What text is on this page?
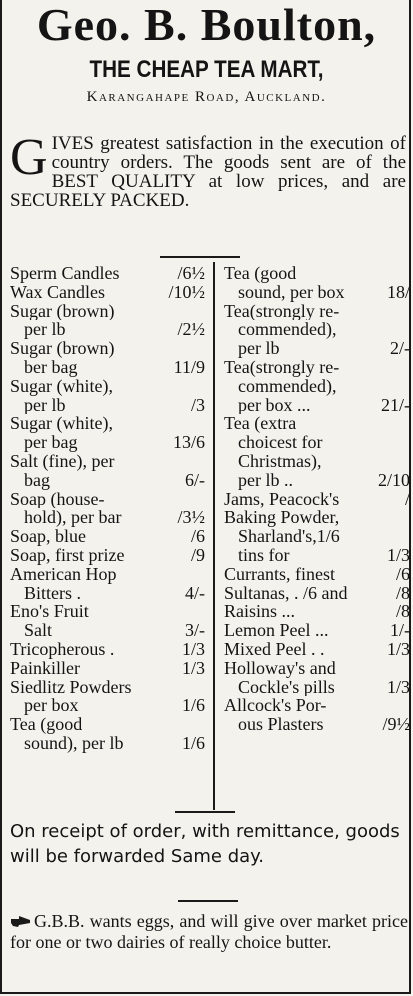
Geo. B. Boulton,
THE CHEAP TEA MART,
Karangahape Road, Auckland.
G IVES greatest satisfaction in the execution of country orders. The goods sent are of the BEST QUALITY at low prices, and are SECURELY PACKED.
Sperm Candles	/6½
Wax Candles	/10½
Sugar (brown)
per lb	/2½
Sugar (brown)
ber bag	11/9
Sugar (white),
per lb	/3
Sugar (white),
per bag	13/6
Salt (fine), per
bag	6/-
Soap (house-
hold), per bar	/3½
Soap, blue	/6
Soap, first prize	/9
American Hop
Bitters .	4/-
Eno's Fruit
Salt	3/-
Tricopherous .	1/3
Painkiller	1/3
Siedlitz Powders
per box	1/6
Tea (good
sound), per lb	1/6
Tea (good
sound, per box	18/
Tea(strongly re-
commended),
per lb	2/-
Tea(strongly re-
commended),
per box ...	21/-
Tea (extra
choicest for
Christmas),
per lb ..	2/10
Jams, Peacock's	/
Baking Powder,
Sharland's,1/6
tins for	1/3
Currants, finest	/6
Sultanas, . /6 and	/8
Raisins ...	/8
Lemon Peel ...	1/-
Mixed Peel . .	1/3
Holloway's and
Cockle's pills	1/3
Allcock's Por-
ous Plasters	/9½
On receipt of order, with remittance, goods will be forwarded Same day.
G.B.B. wants eggs, and will give over market price for one or two dairies of really choice butter.
